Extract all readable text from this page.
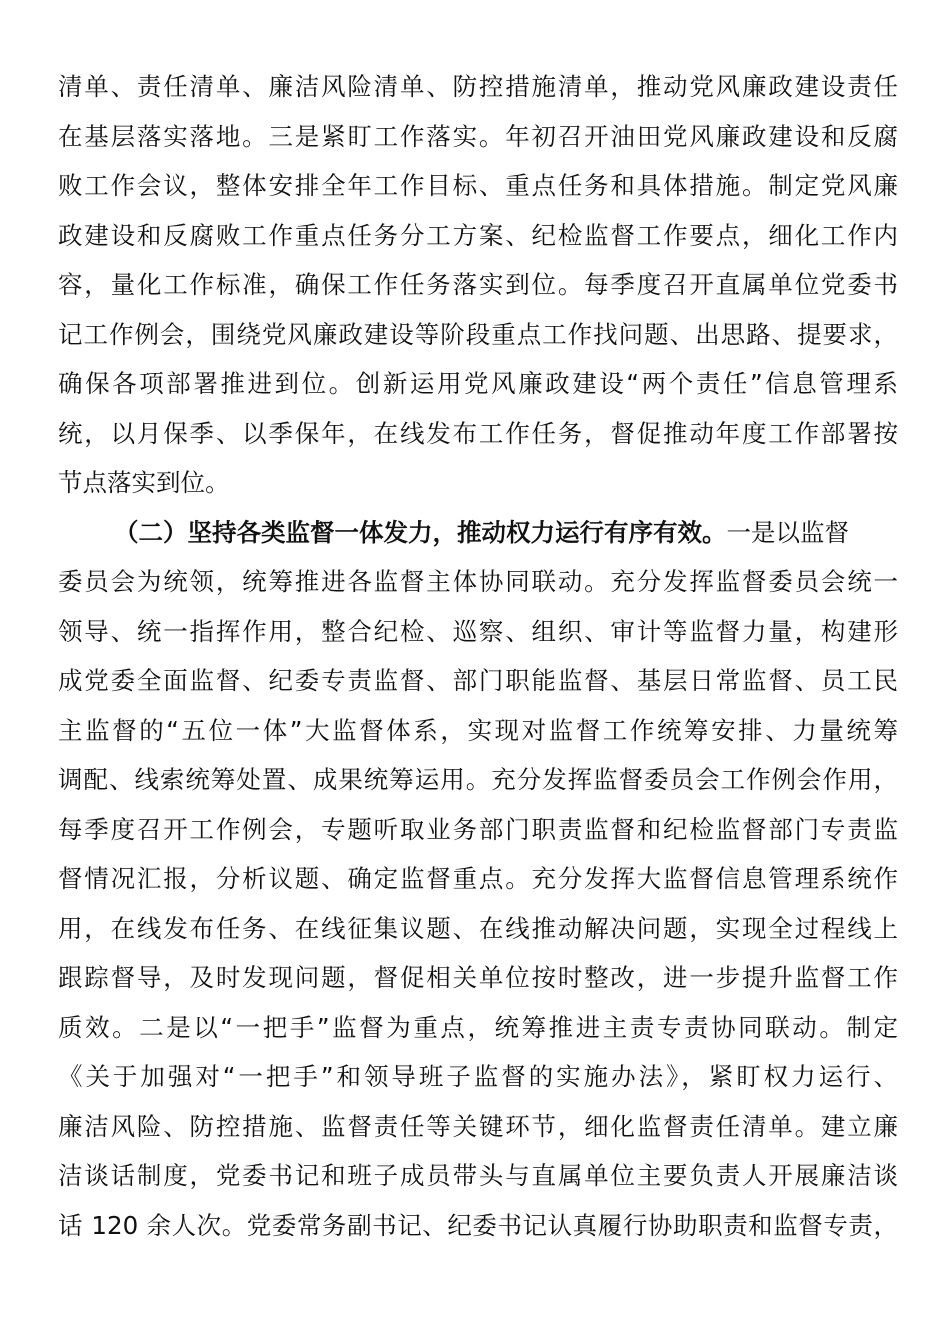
清单、责任清单、廉洁风险清单、防控措施清单，推动党风廉政建设责任
在基层落实落地。三是紧盯工作落实。年初召开油田党风廉政建设和反腐
败工作会议，整体安排全年工作目标、重点任务和具体措施。制定党风廉
政建设和反腐败工作重点任务分工方案、纪检监督工作要点，细化工作内
容，量化工作标准，确保工作任务落实到位。每季度召开直属单位党委书
记工作例会，围绕党风廉政建设等阶段重点工作找问题、出思路、提要求，
确保各项部署推进到位。创新运用党风廉政建设“两个责任”信息管理系
统，以月保季、以季保年，在线发布工作任务，督促推动年度工作部署按
节点落实到位。
（二）坚持各类监督一体发力，推动权力运行有序有效。一是以监督
委员会为统领，统筹推进各监督主体协同联动。充分发挥监督委员会统一
领导、统一指挥作用，整合纪检、巡察、组织、审计等监督力量，构建形
成党委全面监督、纪委专责监督、部门职能监督、基层日常监督、员工民
主监督的“五位一体”大监督体系，实现对监督工作统筹安排、力量统筹
调配、线索统筹处置、成果统筹运用。充分发挥监督委员会工作例会作用，
每季度召开工作例会，专题听取业务部门职责监督和纪检监督部门专责监
督情况汇报，分析议题、确定监督重点。充分发挥大监督信息管理系统作
用，在线发布任务、在线征集议题、在线推动解决问题，实现全过程线上
跟踪督导，及时发现问题，督促相关单位按时整改，进一步提升监督工作
质效。二是以“一把手”监督为重点，统筹推进主责专责协同联动。制定
《关于加强对“一把手”和领导班子监督的实施办法》，紧盯权力运行、
廉洁风险、防控措施、监督责任等关键环节，细化监督责任清单。建立廉
洁谈话制度，党委书记和班子成员带头与直属单位主要负责人开展廉洁谈
话 120 余人次。党委常务副书记、纪委书记认真履行协助职责和监督专责，
